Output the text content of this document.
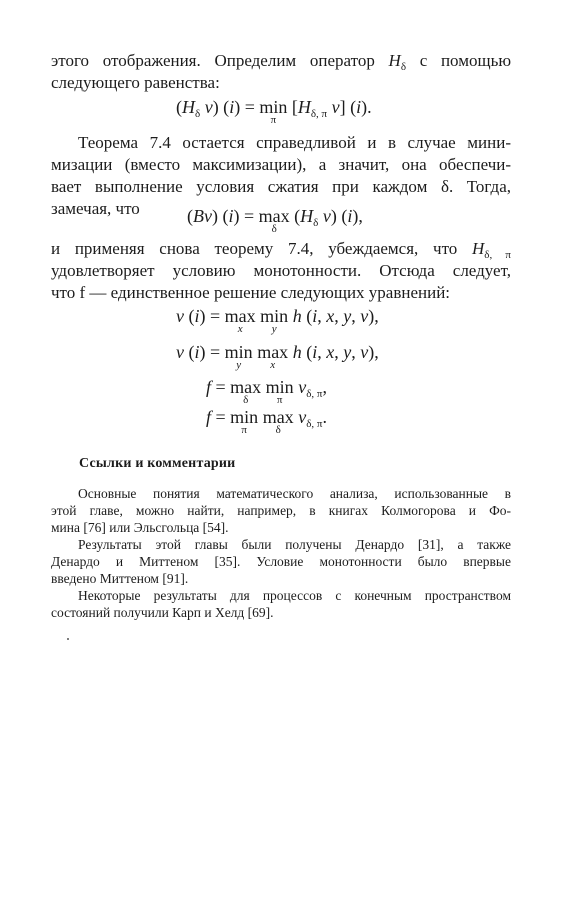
этого отображения. Определим оператор $H_\delta$ с помощью
следующего равенства:
($H_\delta$ v) (i) = min
π
[$H_{\delta, \pi}$ v] (i).
Теорема 7.4 остается справедливой и в случае мини-
мизации (вместо максимизации), а значит, она обеспечи-
вает выполнение условия сжатия при каждом δ. Тогда,
замечая, что	(Bv) (i) = max
δ
($H_\delta$ v) (i),
и применяя снова теорему 7.4, убеждаемся, что $H_{\delta, \pi}$
удовлетворяет условию монотонности. Отсюда следует,
что f — единственное решение следующих уравнений:
v (i) = max
x
min
y
h (i, x, y, v),
v (i) = min
y
max
x
h (i, x, y, v),
f = max
δ
min
π
$v_{\delta, \pi}$,
f = min
π
max
δ
$v_{\delta, \pi}$.
Ссылки и комментарии
Основные понятия математического анализа, использованные в
этой главе, можно найти, например, в книгах Колмогорова и Фо-
мина [76] или Эльсгольца [54].
Результаты этой главы были получены Денардо [31], а также
Денардо и Миттеном [35]. Условие монотонности было впервые
введено Миттеном [91].
Некоторые результаты для процессов с конечным пространством
состояний получили Карп и Хелд [69].
